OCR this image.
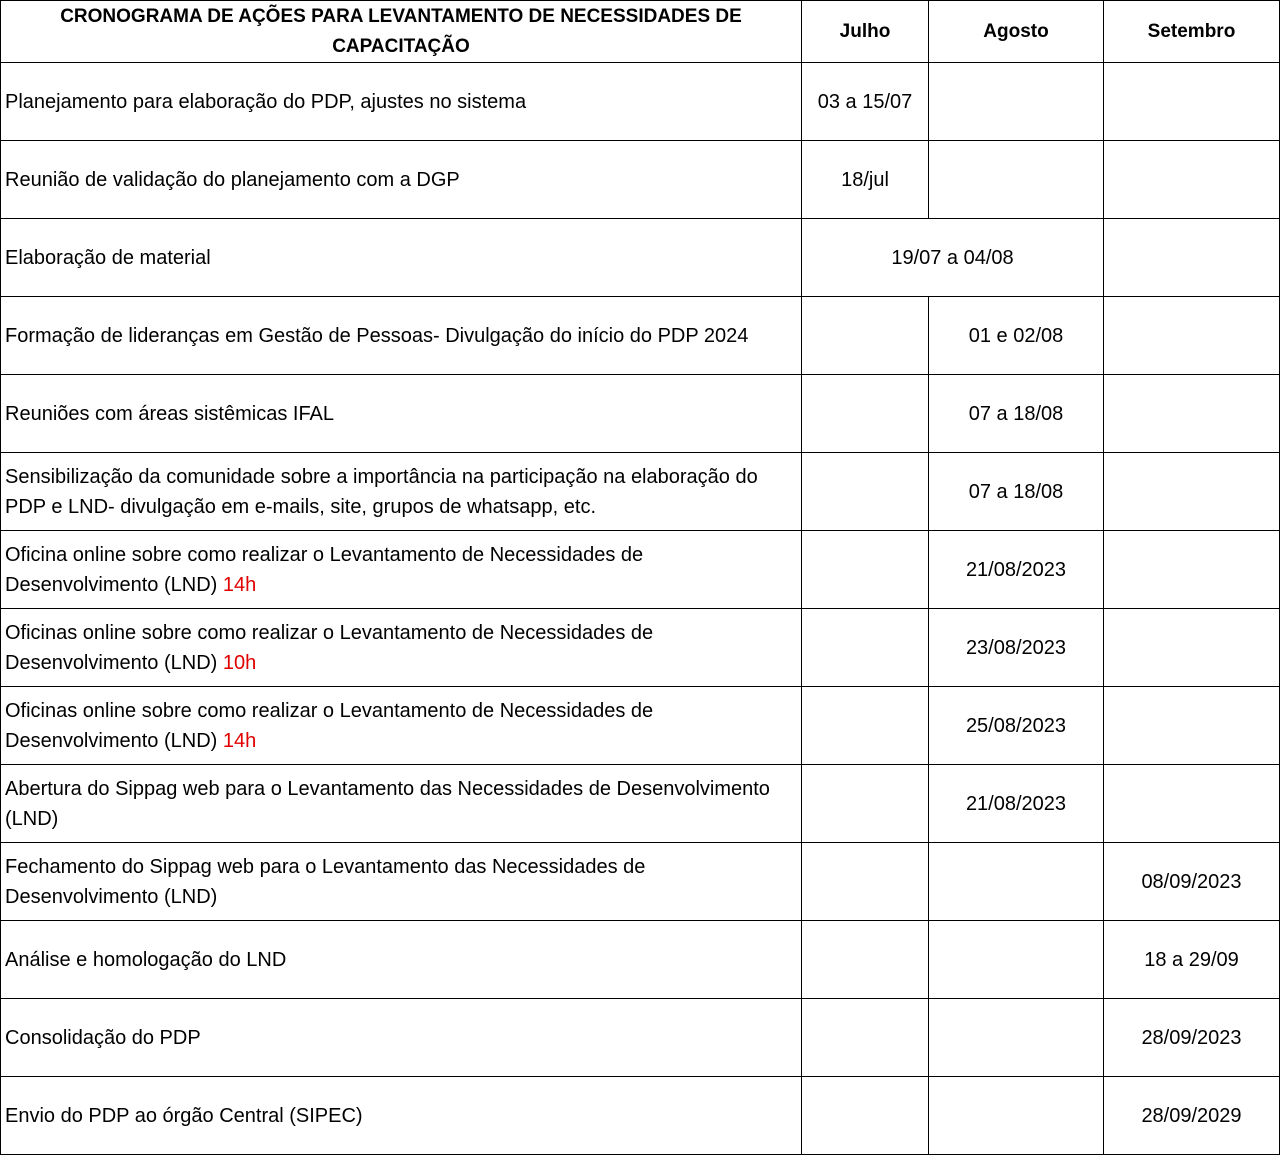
CRONOGRAMA DE AÇÕES PARA LEVANTAMENTO DE NECESSIDADES DE CAPACITAÇÃO	Julho	Agosto	Setembro
Planejamento para elaboração do PDP, ajustes no sistema	03 a 15/07		
Reunião de validação do planejamento com a DGP	18/jul		
Elaboração de material	19/07 a 04/08		
Formação de lideranças em Gestão de Pessoas- Divulgação do início do PDP 2024		01 e 02/08	
Reuniões com áreas sistêmicas IFAL		07 a 18/08	
Sensibilização da comunidade sobre a importância na participação na elaboração do PDP e LND- divulgação em e-mails, site, grupos de whatsapp, etc.		07 a 18/08	
Oficina online sobre como realizar o Levantamento de Necessidades de Desenvolvimento (LND) 14h		21/08/2023	
Oficinas online sobre como realizar o Levantamento de Necessidades de Desenvolvimento (LND) 10h		23/08/2023	
Oficinas online sobre como realizar o Levantamento de Necessidades de Desenvolvimento (LND) 14h		25/08/2023	
Abertura do Sippag web para o Levantamento das Necessidades de Desenvolvimento (LND)		21/08/2023	
Fechamento do Sippag web para o Levantamento das Necessidades de Desenvolvimento (LND)			08/09/2023
Análise e homologação do LND			18 a 29/09
Consolidação do PDP			28/09/2023
Envio do PDP ao órgão Central (SIPEC)			28/09/2029
